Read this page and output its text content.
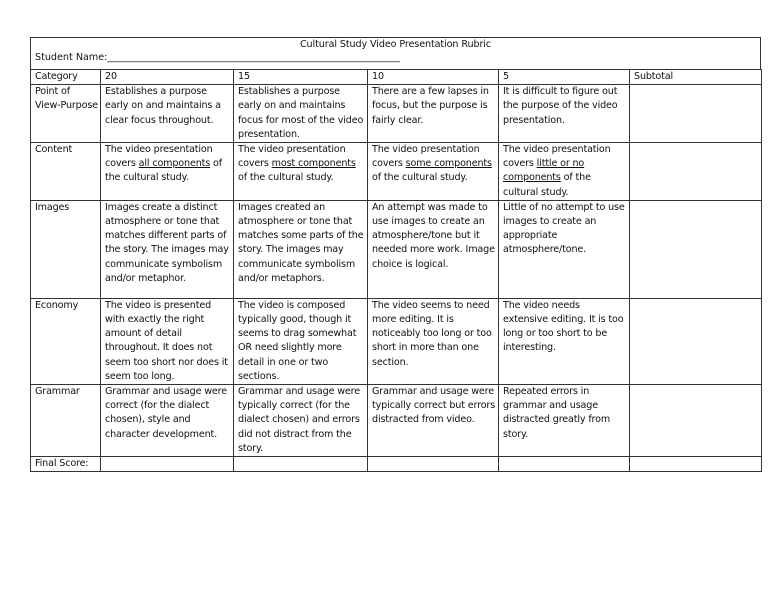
Cultural Study Video Presentation Rubric
Student Name:_____________________________________________________________
Category	20	15	10	5	Subtotal
Point of View-Purpose	Establishes a purpose early on and maintains a clear focus throughout.	Establishes a purpose early on and maintains focus for most of the video presentation.	There are a few lapses in focus, but the purpose is fairly clear.	It is difficult to figure out the purpose of the video presentation.	
Content	The video presentation covers all components of the cultural study.	The video presentation covers most components of the cultural study.	The video presentation covers some components of the cultural study.	The video presentation covers little or no components of the cultural study.	
Images	Images create a distinct atmosphere or tone that matches different parts of the story. The images may communicate symbolism and/or metaphor.	Images created an atmosphere or tone that matches some parts of the story. The images may communicate symbolism and/or metaphors.	An attempt was made to use images to create an atmosphere/tone but it needed more work. Image choice is logical.	Little of no attempt to use images to create an appropriate atmosphere/tone.	
Economy	The video is presented with exactly the right amount of detail throughout. It does not seem too short nor does it seem too long.	The video is composed typically good, though it seems to drag somewhat OR need slightly more detail in one or two sections.	The video seems to need more editing. It is noticeably too long or too short in more than one section.	The video needs extensive editing. It is too long or too short to be interesting.	
Grammar	Grammar and usage were correct (for the dialect chosen), style and character development.	Grammar and usage were typically correct (for the dialect chosen) and errors did not distract from the story.	Grammar and usage were typically correct but errors distracted from video.	Repeated errors in grammar and usage distracted greatly from story.	
Final Score:					
